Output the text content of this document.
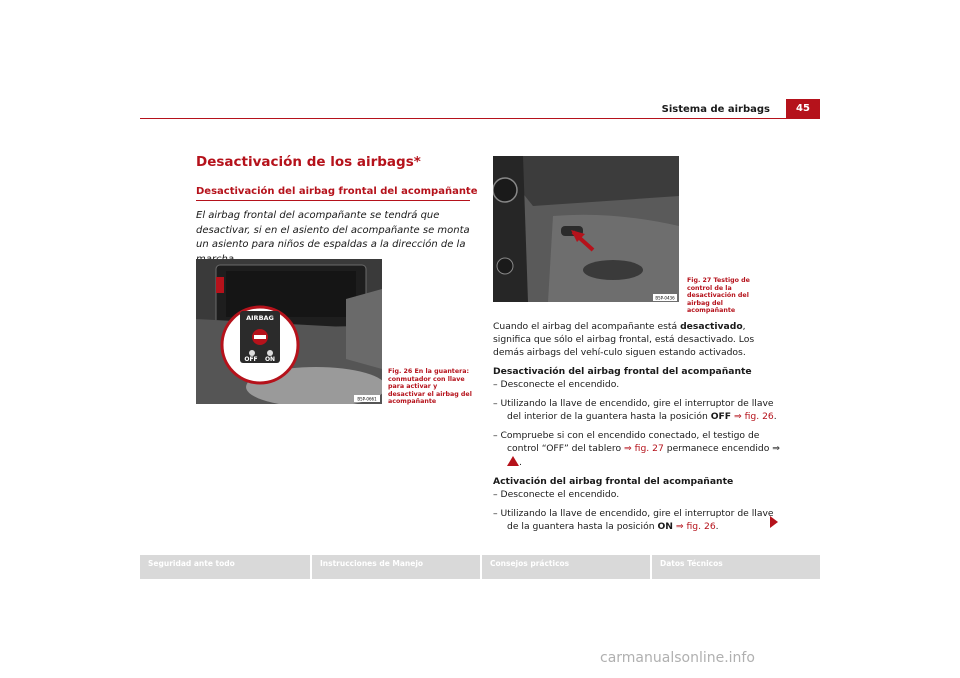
Sistema de airbags	45
Desactivación de los airbags*
Desactivación del airbag frontal del acompañante
El airbag frontal del acompañante se tendrá que desactivar, si en el asiento del acompañante se monta un asiento para niños de espaldas a la dirección de la
AIRBAG
OFF ON
B5P-0661
Fig. 26 En la guantera: conmutador con llave para activar y desactivar el airbag del acompañante
B5P-0436
Fig. 27 Testigo de control de la desactivación del airbag del acompañante
Cuando el airbag del acompañante está desactivado, significa que sólo el airbag frontal, está desactivado. Los demás airbags del vehí-culo siguen estando activados.
Desactivación del airbag frontal del acompañante
– Desconecte el encendido.
– Utilizando la llave de encendido, gire el interruptor de llave del interior de la guantera hasta la posición OFF ⇒ fig. 26.
– Compruebe si con el encendido conectado, el testigo de control “OFF” del tablero ⇒ fig. 27 permanece encendido ⇒ .
Activación del airbag frontal del acompañante
– Desconecte el encendido.
– Utilizando la llave de encendido, gire el interruptor de llave de la guantera hasta la posición ON ⇒ fig. 26.
Seguridad ante todo	Instrucciones de Manejo	Consejos prácticos	Datos Técnicos
carmanualsonline.info
